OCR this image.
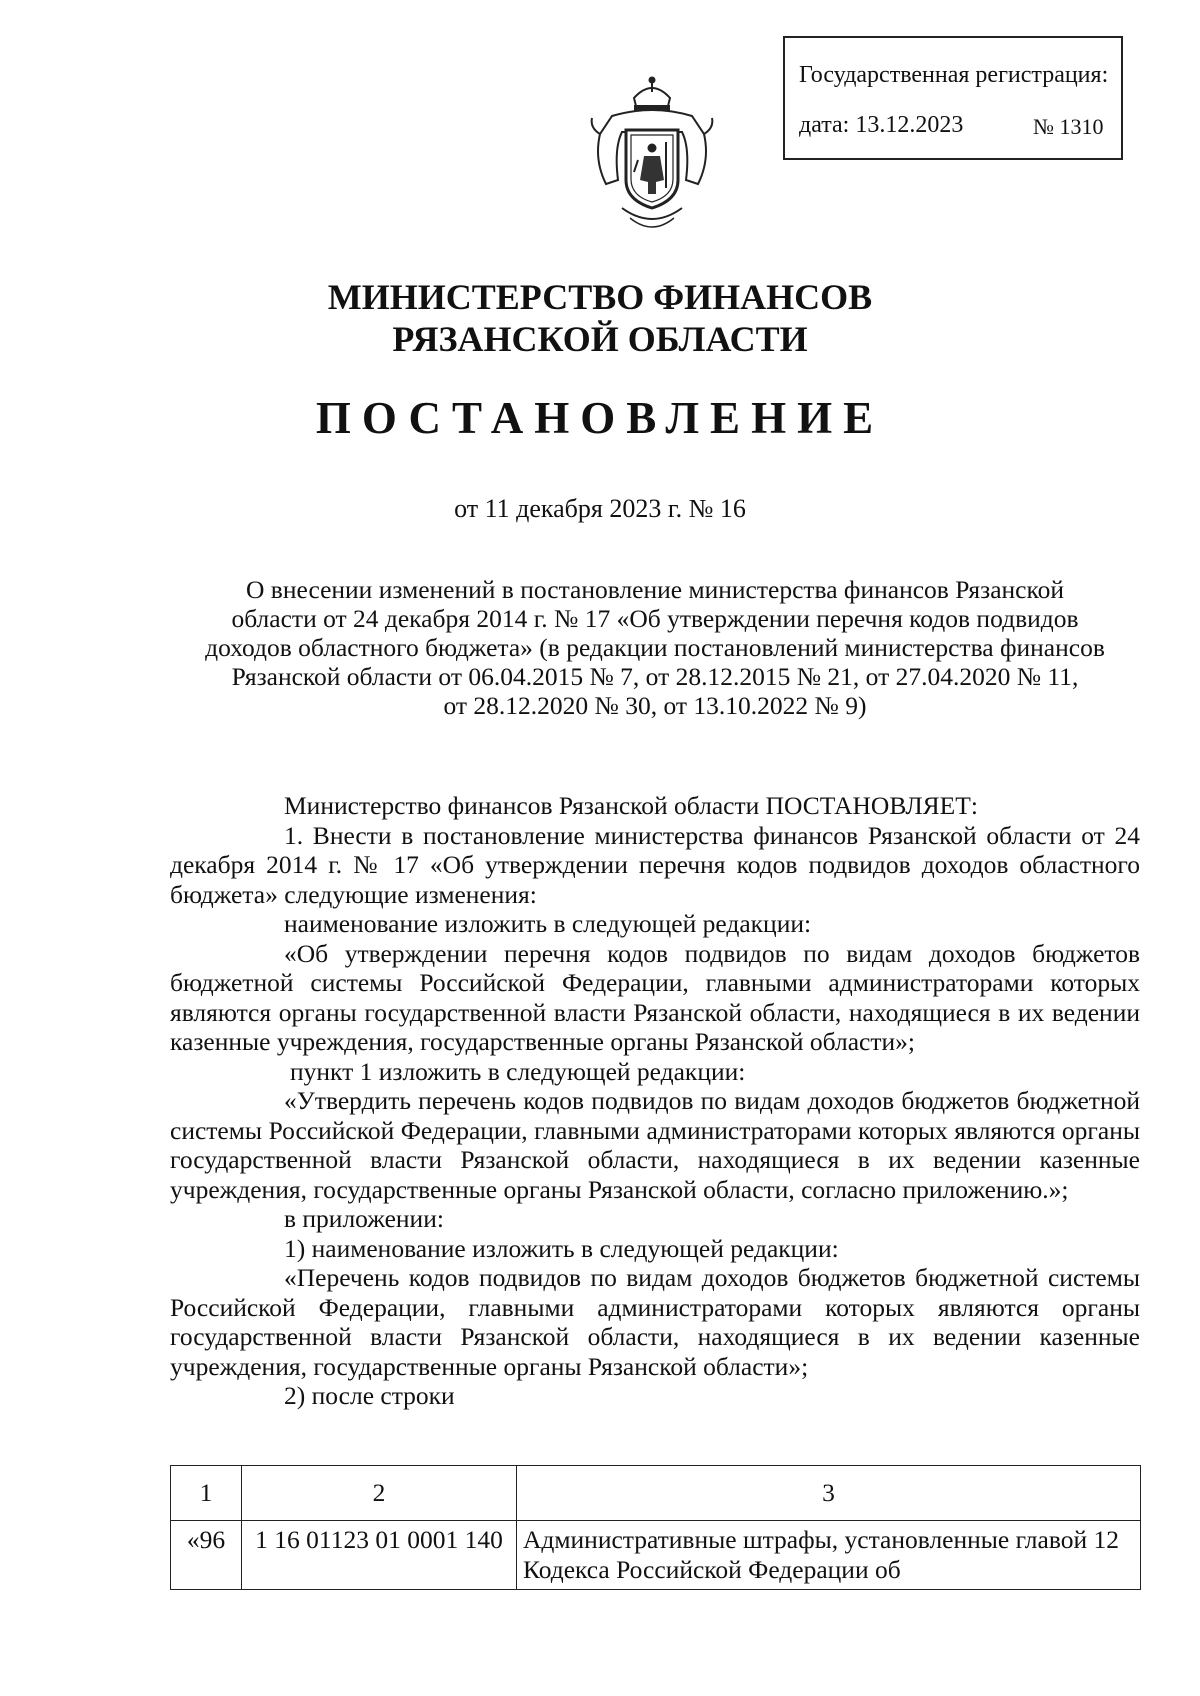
Государственная регистрация:
дата: 13.12.2023	№ 1310
МИНИСТЕРСТВО ФИНАНСОВ
РЯЗАНСКОЙ ОБЛАСТИ
ПОСТАНОВЛЕНИЕ
от 11 декабря 2023 г. № 16
О внесении изменений в постановление министерства финансов Рязанской
области от 24 декабря 2014 г. № 17 «Об утверждении перечня кодов подвидов
доходов областного бюджета» (в редакции постановлений министерства финансов
Рязанской области от 06.04.2015 № 7, от 28.12.2015 № 21, от 27.04.2020 № 11,
от 28.12.2020 № 30, от 13.10.2022 № 9)

Министерство финансов Рязанской области ПОСТАНОВЛЯЕТ:

1. Внести в постановление министерства финансов Рязанской области от 24 декабря 2014 г. № 17 «Об утверждении перечня кодов подвидов доходов областного бюджета» следующие изменения:

наименование изложить в следующей редакции:

«Об утверждении перечня кодов подвидов по видам доходов бюджетов бюджетной системы Российской Федерации, главными администраторами которых являются органы государственной власти Рязанской области, находящиеся в их ведении казенные учреждения, государственные органы Рязанской области»;

пункт 1 изложить в следующей редакции:

«Утвердить перечень кодов подвидов по видам доходов бюджетов бюджетной системы Российской Федерации, главными администраторами которых являются органы государственной власти Рязанской области, находящиеся в их ведении казенные учреждения, государственные органы Рязанской области, согласно приложению.»;

в приложении:

1) наименование изложить в следующей редакции:

«Перечень кодов подвидов по видам доходов бюджетов бюджетной системы Российской Федерации, главными администраторами которых являются органы государственной власти Рязанской области, находящиеся в их ведении казенные учреждения, государственные органы Рязанской области»;

2) после строки

1	2	3
«96	1 16 01123 01 0001 140	Административные штрафы, установленные главой 12 Кодекса Российской Федерации об
